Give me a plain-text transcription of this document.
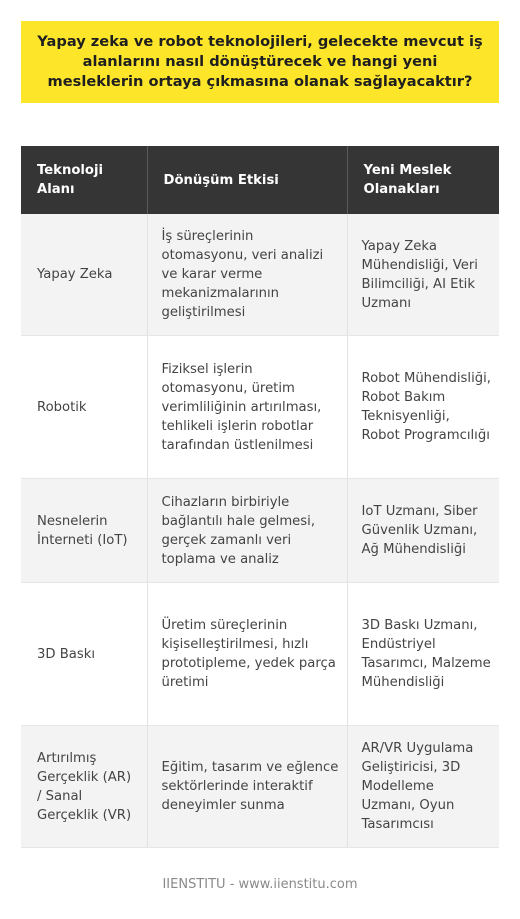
Yapay zeka ve robot teknolojileri, gelecekte mevcut iş alanlarını nasıl dönüştürecek ve hangi yeni mesleklerin ortaya çıkmasına olanak sağlayacaktır?
Teknoloji Alanı	Dönüşüm Etkisi	Yeni Meslek Olanakları
Yapay Zeka	İş süreçlerinin otomasyonu, veri analizi ve karar verme mekanizmalarının geliştirilmesi	Yapay Zeka Mühendisliği, Veri Bilimciliği, AI Etik Uzmanı
Robotik	Fiziksel işlerin otomasyonu, üretim verimliliğinin artırılması, tehlikeli işlerin robotlar tarafından üstlenilmesi	Robot Mühendisliği, Robot Bakım Teknisyenliği, Robot Programcılığı
Nesnelerin İnterneti (IoT)	Cihazların birbiriyle bağlantılı hale gelmesi, gerçek zamanlı veri toplama ve analiz	IoT Uzmanı, Siber Güvenlik Uzmanı, Ağ Mühendisliği
3D Baskı	Üretim süreçlerinin kişiselleştirilmesi, hızlı prototipleme, yedek parça üretimi	3D Baskı Uzmanı, Endüstriyel Tasarımcı, Malzeme Mühendisliği
Artırılmış Gerçeklik (AR) / Sanal Gerçeklik (VR)	Eğitim, tasarım ve eğlence sektörlerinde interaktif deneyimler sunma	AR/VR Uygulama Geliştiricisi, 3D Modelleme Uzmanı, Oyun Tasarımcısı
IIENSTITU - www.iienstitu.com
